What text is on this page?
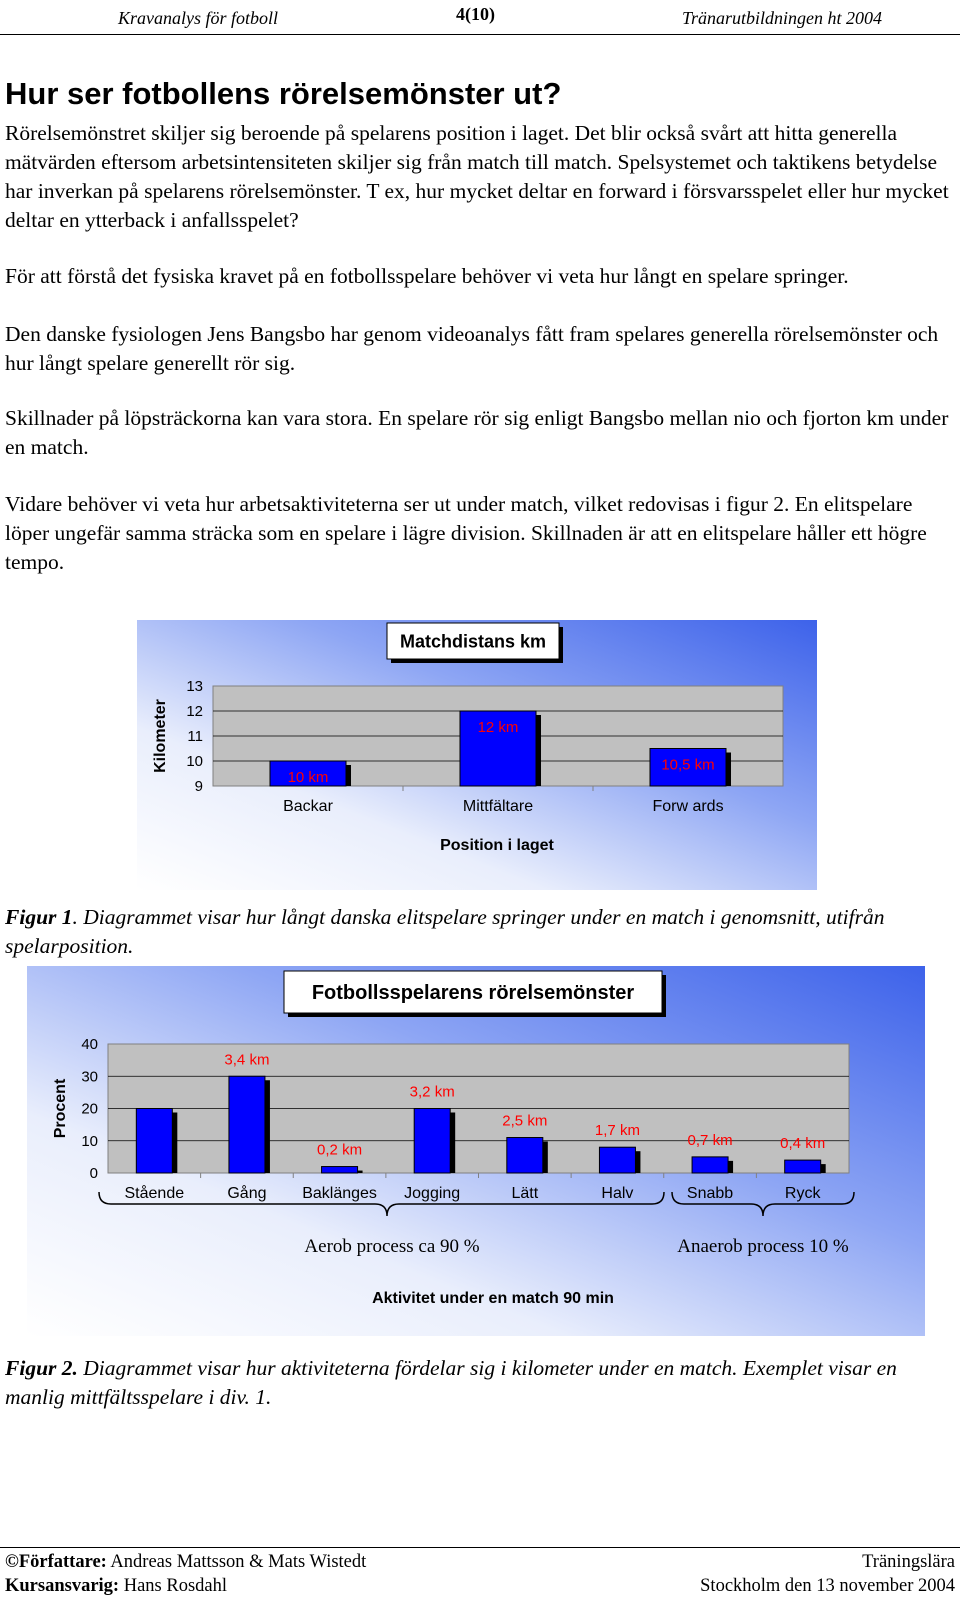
Kravanalys för fotboll	4(10)	Tränarutbildningen ht 2004
Hur ser fotbollens rörelsemönster ut?

Rörelsemönstret skiljer sig beroende på spelarens position i laget. Det blir också svårt att hitta generella mätvärden eftersom arbetsintensiteten skiljer sig från match till match. Spelsystemet och taktikens betydelse har inverkan på spelarens rörelsemönster. T ex, hur mycket deltar en forward i försvarsspelet eller hur mycket deltar en ytterback i anfallsspelet?

För att förstå det fysiska kravet på en fotbollsspelare behöver vi veta hur långt en spelare springer.

Den danske fysiologen Jens Bangsbo har genom videoanalys fått fram spelares generella rörelsemönster och hur långt spelare generellt rör sig.

Skillnader på löpsträckorna kan vara stora. En spelare rör sig enligt Bangsbo mellan nio och fjorton km under en match.

Vidare behöver vi veta hur arbetsaktiviteterna ser ut under match, vilket redovisas i figur 2. En elitspelare löper ungefär samma sträcka som en spelare i lägre division. Skillnaden är att en elitspelare håller ett högre tempo.

Matchdistans km
9
10
11
12
13
Backar
10 km
Mittfältare
12 km
Forw ards
10,5 km
Kilometer
Position i laget

Figur 1. Diagrammet visar hur långt danska elitspelare springer under en match i genomsnitt, utifrån spelarposition.

Fotbollsspelarens rörelsemönster
0
10
20
30
40
Stående	Gång
3,4 km
Baklänges
0,2 km
Jogging
3,2 km
Lätt
2,5 km
Halv
1,7 km
Snabb
0,7 km
Ryck
0,4 km
Procent
Aktivitet under en match 90 min
Aerob process ca 90 %	Anaerob process 10 %

Figur 2. Diagrammet visar hur aktiviteterna fördelar sig i kilometer under en match. Exemplet visar en manlig mittfältsspelare i div. 1.

©Författare: Andreas Mattsson & Mats Wistedt	Träningslära
Kursansvarig: Hans Rosdahl	Stockholm den 13 november 2004
